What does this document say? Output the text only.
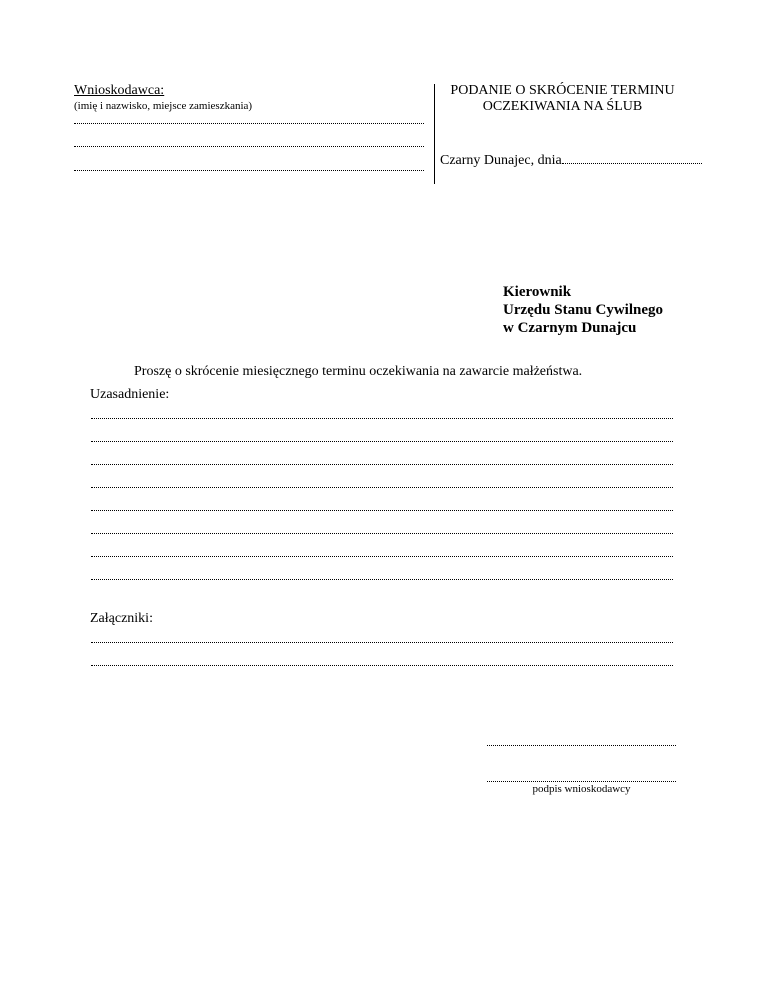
Wnioskodawca:
(imię i nazwisko, miejsce zamieszkania)
PODANIE O SKRÓCENIE TERMINU OCZEKIWANIA NA ŚLUB
Czarny Dunajec, dnia
Kierownik
Urzędu Stanu Cywilnego
w Czarnym Dunajcu
Proszę o skrócenie miesięcznego terminu oczekiwania na zawarcie małżeństwa.
Uzasadnienie:
Załączniki:
podpis wnioskodawcy
